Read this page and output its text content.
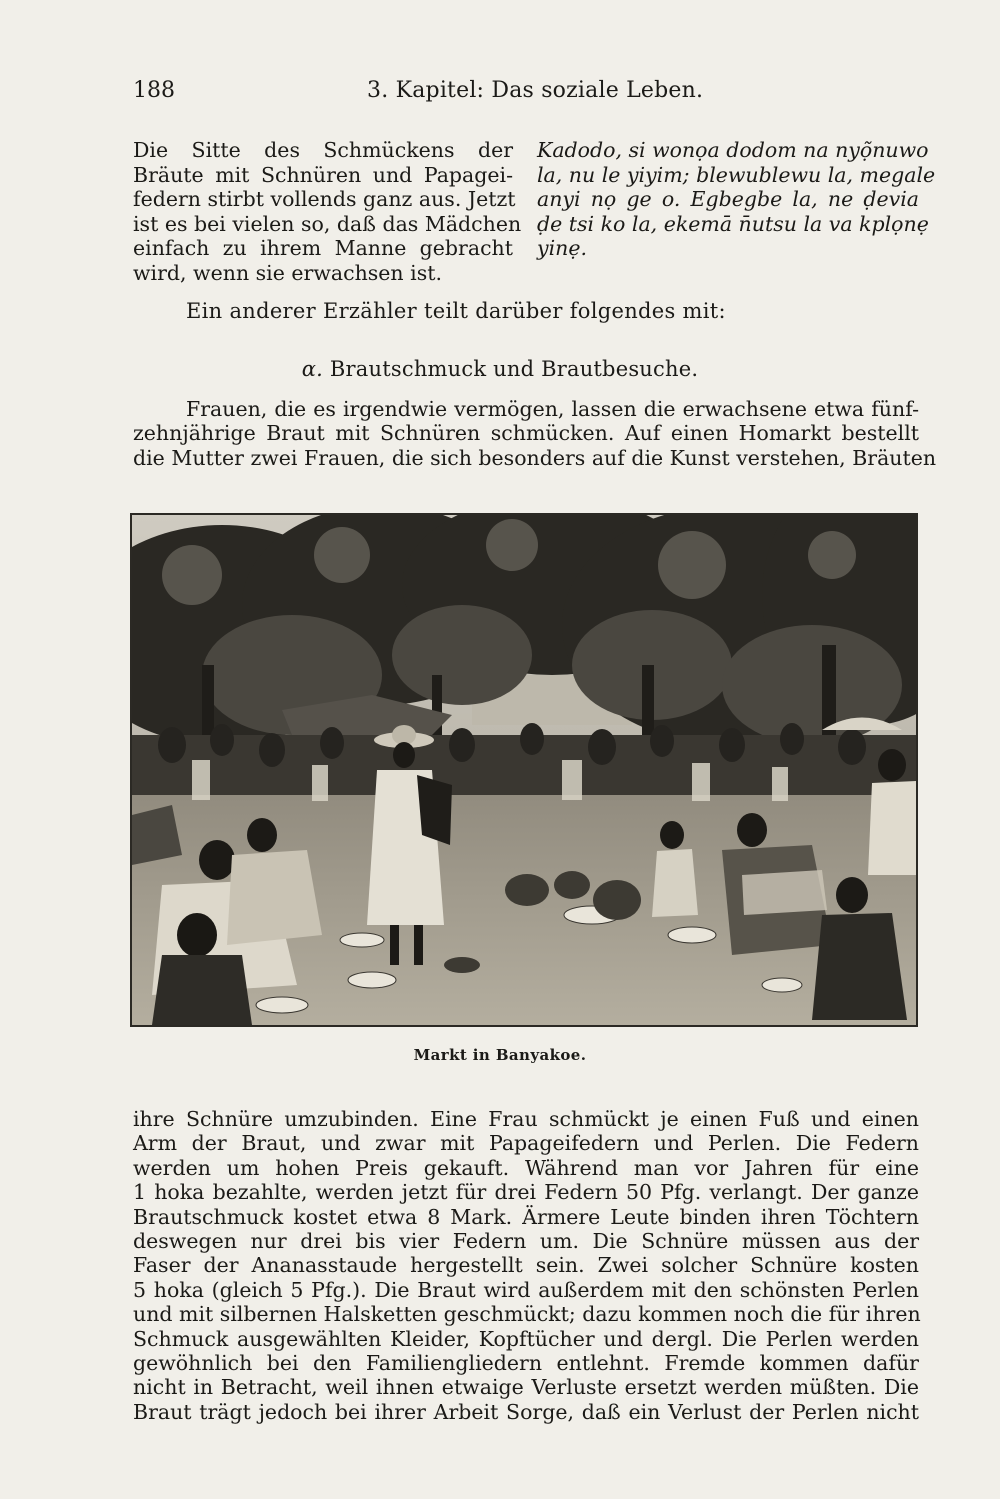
188	3. Kapitel: Das soziale Leben.
Die Sitte des Schmückens der
Bräute mit Schnüren und Papagei-
federn stirbt vollends ganz aus. Jetzt
ist es bei vielen so, daß das Mädchen
einfach zu ihrem Manne gebracht
wird, wenn sie erwachsen ist.
Kadodo, si wonọa dodom na nyọ̃nuwo
la, nu le yiyim; blewublewu la, megale
anyi nọ ge o. Egbegbe la, ne ḍevia
ḍe tsi ko la, ekemā n̄utsu la va kplọnẹ
yinẹ.
Ein anderer Erzähler teilt darüber folgendes mit:
α. Brautschmuck und Brautbesuche.
Frauen, die es irgendwie vermögen, lassen die erwachsene etwa fünf-
zehnjährige Braut mit Schnüren schmücken. Auf einen Homarkt bestellt
die Mutter zwei Frauen, die sich besonders auf die Kunst verstehen, Bräuten
Markt in Banyakoe.
ihre Schnüre umzubinden. Eine Frau schmückt je einen Fuß und einen
Arm der Braut, und zwar mit Papageifedern und Perlen. Die Federn
werden um hohen Preis gekauft. Während man vor Jahren für eine
1 hoka bezahlte, werden jetzt für drei Federn 50 Pfg. verlangt. Der ganze
Brautschmuck kostet etwa 8 Mark. Ärmere Leute binden ihren Töchtern
deswegen nur drei bis vier Federn um. Die Schnüre müssen aus der
Faser der Ananasstaude hergestellt sein. Zwei solcher Schnüre kosten
5 hoka (gleich 5 Pfg.). Die Braut wird außerdem mit den schönsten Perlen
und mit silbernen Halsketten geschmückt; dazu kommen noch die für ihren
Schmuck ausgewählten Kleider, Kopftücher und dergl. Die Perlen werden
gewöhnlich bei den Familiengliedern entlehnt. Fremde kommen dafür
nicht in Betracht, weil ihnen etwaige Verluste ersetzt werden müßten. Die
Braut trägt jedoch bei ihrer Arbeit Sorge, daß ein Verlust der Perlen nicht
